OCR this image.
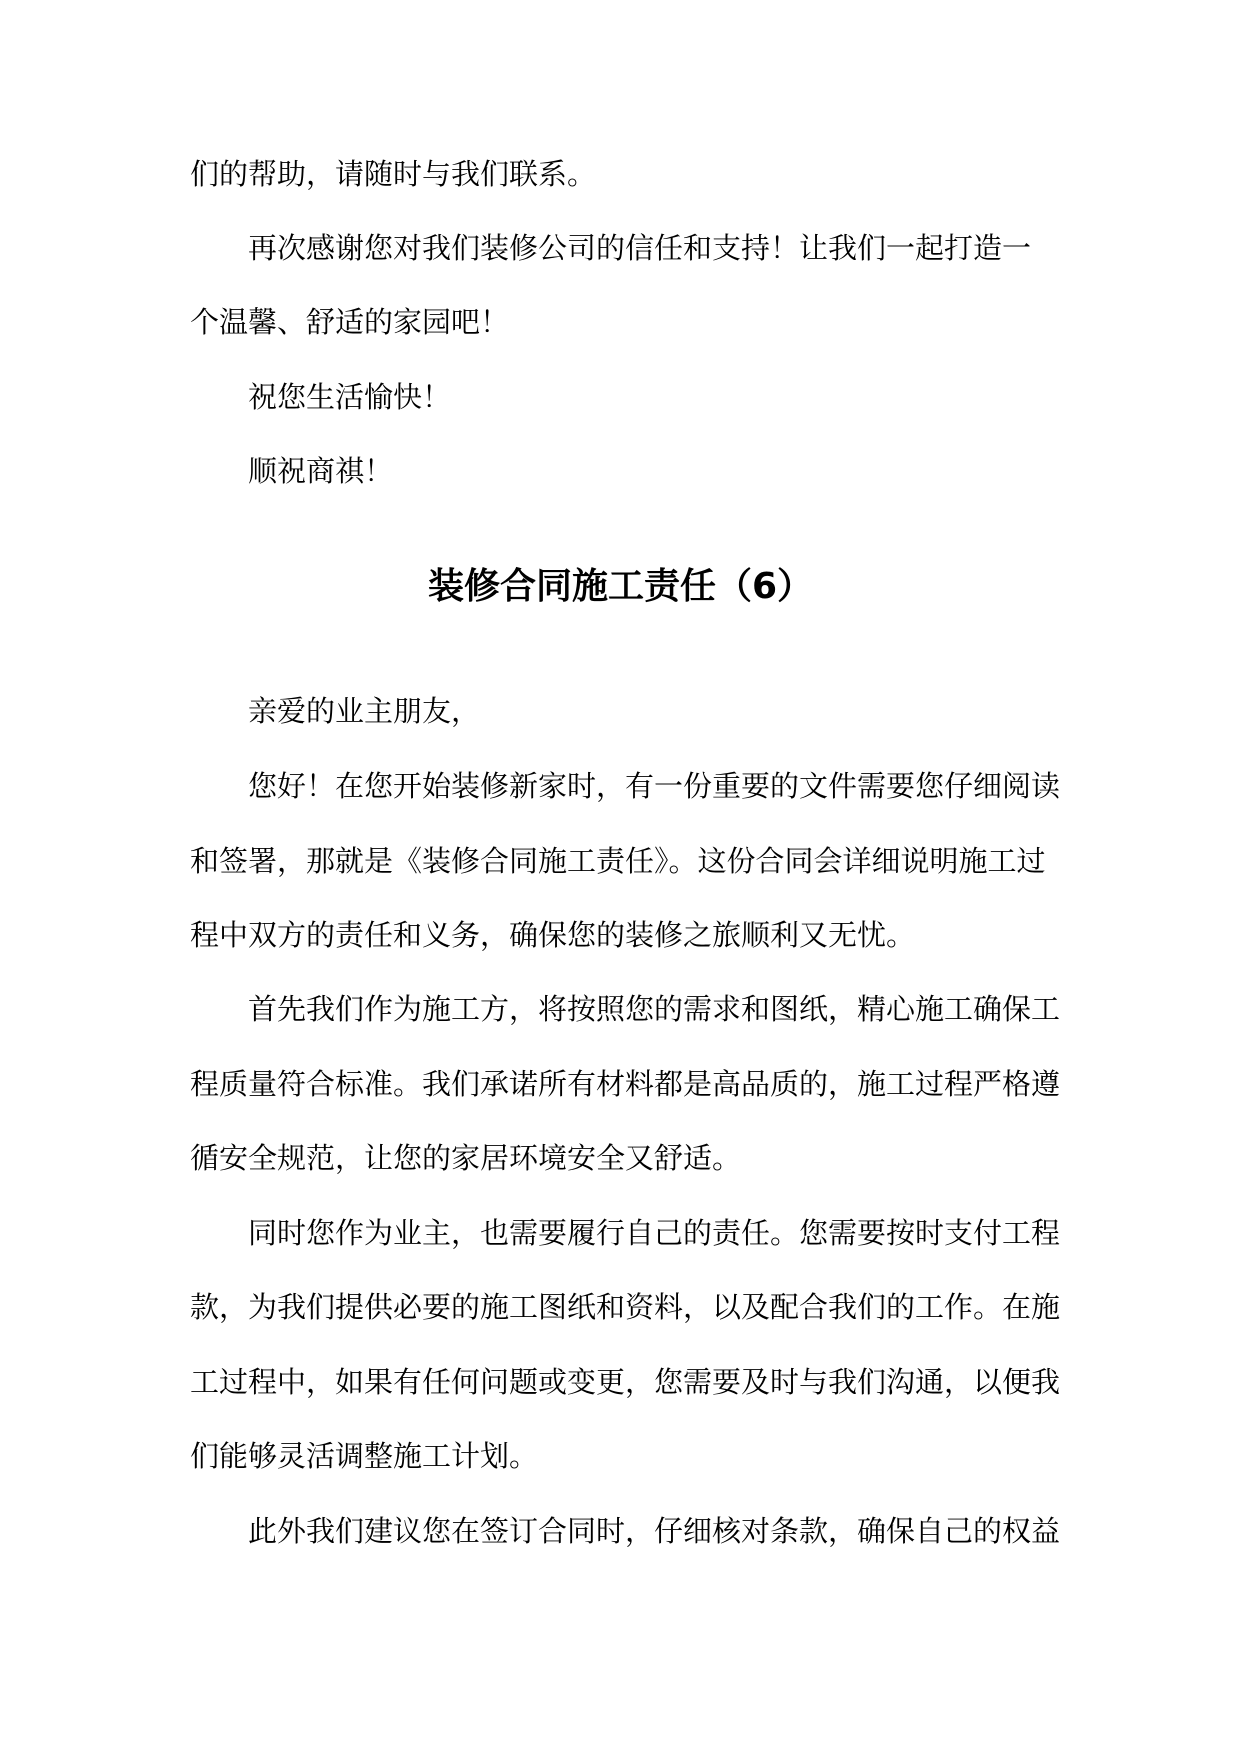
们的帮助，请随时与我们联系。
再次感谢您对我们装修公司的信任和支持！让我们一起打造一
个温馨、舒适的家园吧！
祝您生活愉快！
顺祝商祺！
装修合同施工责任（6）
亲爱的业主朋友，
您好！在您开始装修新家时，有一份重要的文件需要您仔细阅读
和签署，那就是《装修合同施工责任》。这份合同会详细说明施工过
程中双方的责任和义务，确保您的装修之旅顺利又无忧。
首先我们作为施工方，将按照您的需求和图纸，精心施工确保工
程质量符合标准。我们承诺所有材料都是高品质的，施工过程严格遵
循安全规范，让您的家居环境安全又舒适。
同时您作为业主，也需要履行自己的责任。您需要按时支付工程
款，为我们提供必要的施工图纸和资料，以及配合我们的工作。在施
工过程中，如果有任何问题或变更，您需要及时与我们沟通，以便我
们能够灵活调整施工计划。
此外我们建议您在签订合同时，仔细核对条款，确保自己的权益
